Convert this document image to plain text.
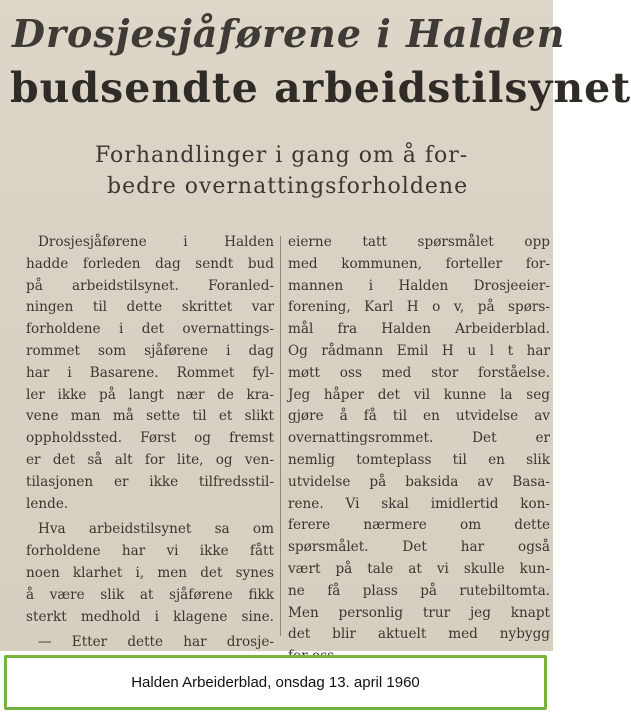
Drosjesjåførene i Halden
budsendte arbeidstilsynet
Forhandlinger i gang om å for-
bedre overnattingsforholdene

Drosjesjåførene i Halden
hadde forleden dag sendt bud
på arbeidstilsynet. Foranled-
ningen til dette skrittet var
forholdene i det overnattings-
rommet som sjåførene i dag
har i Basarene. Rommet fyl-
ler ikke på langt nær de kra-
vene man må sette til et slikt
oppholdssted. Først og fremst
er det så alt for lite, og ven-
tilasjonen er ikke tilfredsstil-
lende.

Hva arbeidstilsynet sa om
forholdene har vi ikke fått
noen klarhet i, men det synes
å være slik at sjåførene fikk
sterkt medhold i klagene sine.

— Etter dette har drosje-

eierne tatt spørsmålet opp
med kommunen, forteller for-
mannen i Halden Drosjeeier-
forening, Karl H o v, på spørs-
mål fra Halden Arbeiderblad.
Og rådmann Emil H u l t har
møtt oss med stor forståelse.
Jeg håper det vil kunne la seg
gjøre å få til en utvidelse av
overnattingsrommet. Det er
nemlig tomteplass til en slik
utvidelse på baksida av Basa-
rene. Vi skal imidlertid kon-
ferere nærmere om dette
spørsmålet. Det har også
vært på tale at vi skulle kun-
ne få plass på rutebiltomta.
Men personlig trur jeg knapt
det blir aktuelt med nybygg

Halden Arbeiderblad, onsdag 13. april 1960
